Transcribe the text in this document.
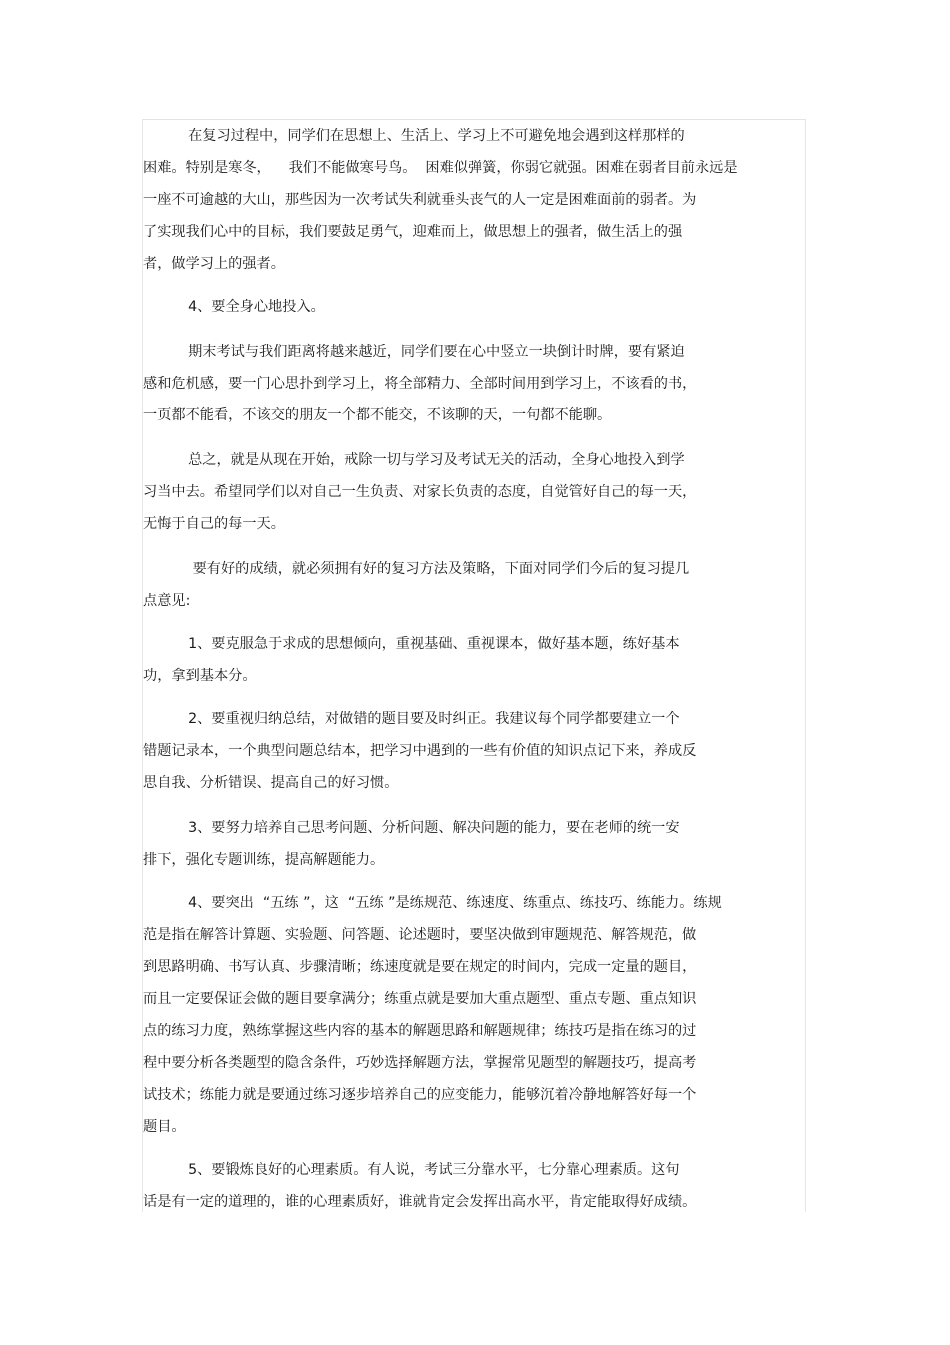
在复习过程中，同学们在思想上、生活上、学习上不可避免地会遇到这样那样的

困难。特别是寒冬，    我们不能做寒号鸟。  困难似弹簧，你弱它就强。困难在弱者目前永远是

一座不可逾越的大山，那些因为一次考试失利就垂头丧气的人一定是困难面前的弱者。为

了实现我们心中的目标，我们要鼓足勇气，迎难而上，做思想上的强者，做生活上的强

者，做学习上的强者。

4、要全身心地投入。

期末考试与我们距离将越来越近，同学们要在心中竖立一块倒计时牌，要有紧迫

感和危机感，要一门心思扑到学习上，将全部精力、全部时间用到学习上，不该看的书，

一页都不能看，不该交的朋友一个都不能交，不该聊的天，一句都不能聊。

总之，就是从现在开始，戒除一切与学习及考试无关的活动，全身心地投入到学

习当中去。希望同学们以对自己一生负责、对家长负责的态度，自觉管好自己的每一天，

无悔于自己的每一天。

要有好的成绩，就必须拥有好的复习方法及策略，下面对同学们今后的复习提几

点意见:

1、要克服急于求成的思想倾向，重视基础、重视课本，做好基本题，练好基本

功，拿到基本分。

2、要重视归纳总结，对做错的题目要及时纠正。我建议每个同学都要建立一个

错题记录本，一个典型问题总结本，把学习中遇到的一些有价值的知识点记下来，养成反

思自我、分析错误、提高自己的好习惯。

3、要努力培养自己思考问题、分析问题、解决问题的能力，要在老师的统一安

排下，强化专题训练，提高解题能力。

4、要突出  “五练 ”，这  “五练 ”是练规范、练速度、练重点、练技巧、练能力。练规

范是指在解答计算题、实验题、问答题、论述题时，要坚决做到审题规范、解答规范，做

到思路明确、书写认真、步骤清晰；练速度就是要在规定的时间内，完成一定量的题目，

而且一定要保证会做的题目要拿满分；练重点就是要加大重点题型、重点专题、重点知识

点的练习力度，熟练掌握这些内容的基本的解题思路和解题规律；练技巧是指在练习的过

程中要分析各类题型的隐含条件，巧妙选择解题方法，掌握常见题型的解题技巧，提高考

试技术；练能力就是要通过练习逐步培养自己的应变能力，能够沉着冷静地解答好每一个

题目。

5、要锻炼良好的心理素质。有人说，考试三分靠水平，七分靠心理素质。这句

话是有一定的道理的，谁的心理素质好，谁就肯定会发挥出高水平，肯定能取得好成绩。
